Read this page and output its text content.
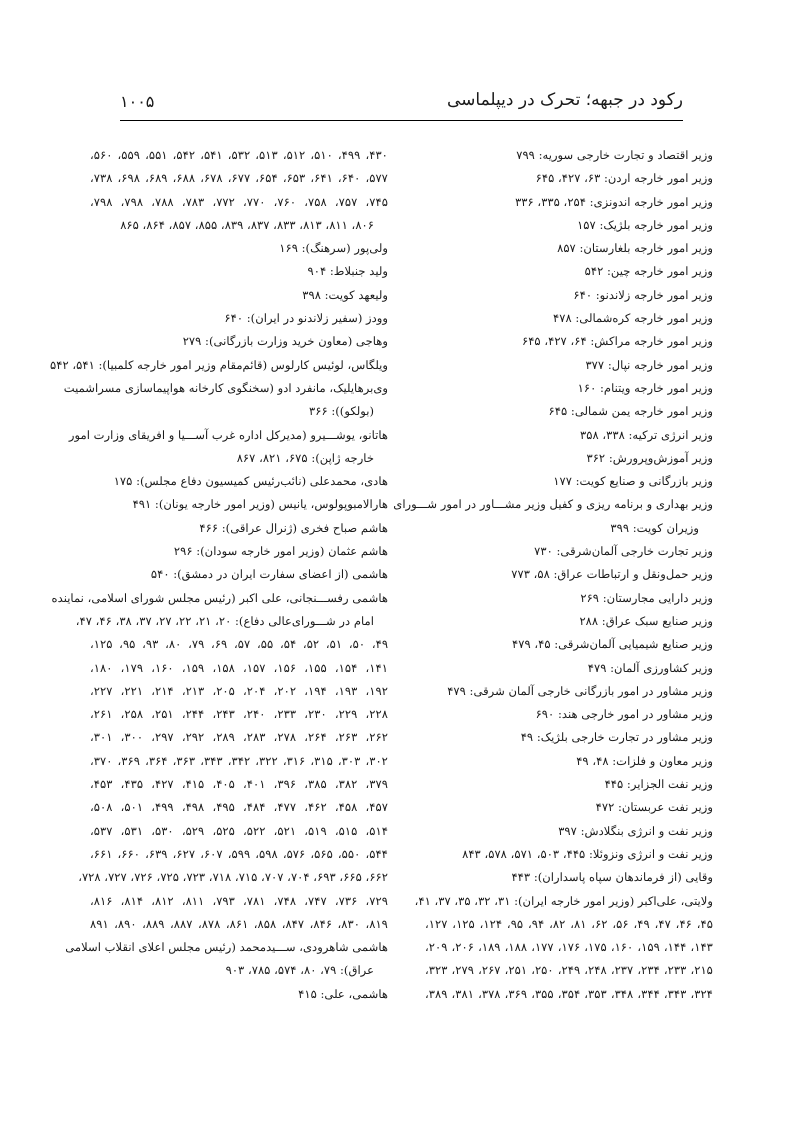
رکود در جبهه؛ تحرک در دیپلماسی
۱۰۰۵
وزیر اقتصاد و تجارت خارجی سوریه: ۷۹۹
وزیر امور خارجه اردن: ۶۳، ۴۲۷، ۶۴۵
وزیر امور خارجه اندونزی: ۲۵۴، ۳۳۵، ۳۳۶
وزیر امور خارجه بلژیک: ۱۵۷
وزیر امور خارجه بلغارستان: ۸۵۷
وزیر امور خارجه چین: ۵۴۲
وزیر امور خارجه زلاندنو: ۶۴۰
وزیر امور خارجه کره‌شمالی: ۴۷۸
وزیر امور خارجه مراکش: ۶۴، ۴۲۷، ۶۴۵
وزیر امور خارجه نپال: ۳۷۷
وزیر امور خارجه ویتنام: ۱۶۰
وزیر امور خارجه یمن شمالی: ۶۴۵
وزیر انرژی ترکیه: ۳۳۸، ۳۵۸
وزیر آموزش‌وپرورش: ۳۶۲
وزیر بازرگانی و صنایع کویت: ۱۷۷
وزیر بهداری و برنامه ریزی و کفیل وزیر مشـــاور در امور شـــورای
وزیران کویت: ۳۹۹
وزیر تجارت خارجی آلمان‌شرقی: ۷۳۰
وزیر حمل‌ونقل و ارتباطات عراق: ۵۸، ۷۷۳
وزیر دارایی مجارستان: ۲۶۹
وزیر صنایع سبک عراق: ۲۸۸
وزیر صنایع شیمیایی آلمان‌شرقی: ۴۵، ۴۷۹
وزیر کشاورزی آلمان: ۴۷۹
وزیر مشاور در امور بازرگانی خارجی آلمان شرقی: ۴۷۹
وزیر مشاور در امور خارجی هند: ۶۹۰
وزیر مشاور در تجارت خارجی بلژیک: ۴۹
وزیر معاون و فلزات: ۴۸، ۴۹
وزیر نفت الجزایر: ۴۴۵
وزیر نفت عربستان: ۴۷۲
وزیر نفت و انرژی بنگلادش: ۳۹۷
وزیر نفت و انرژی ونزوئلا: ۴۴۵، ۵۰۳، ۵۷۱، ۵۷۸، ۸۴۳
وقایی (از فرماندهان سپاه پاسداران): ۴۴۳
ولایتی، علی‌اکبر (وزیر امور خارجه ایران): ۳۱، ۳۲، ۳۵، ۳۷، ۴۱،
۴۵، ۴۶، ۴۷، ۴۹، ۵۶، ۶۲، ۸۱، ۸۲، ۹۴، ۹۵، ۱۲۴، ۱۲۵، ۱۲۷،
۱۴۳، ۱۴۴، ۱۵۹، ۱۶۰، ۱۷۵، ۱۷۶، ۱۷۷، ۱۸۸، ۱۸۹، ۲۰۶، ۲۰۹،
۲۱۵، ۲۳۳، ۲۳۴، ۲۳۷، ۲۴۸، ۲۴۹، ۲۵۰، ۲۵۱، ۲۶۷، ۲۷۹، ۳۲۳،
۳۲۴، ۳۴۳، ۳۴۴، ۳۴۸، ۳۵۳، ۳۵۴، ۳۵۵، ۳۶۹، ۳۷۸، ۳۸۱، ۳۸۹،
۴۳۰، ۴۹۹، ۵۱۰، ۵۱۲، ۵۱۳، ۵۳۲، ۵۴۱، ۵۴۲، ۵۵۱، ۵۵۹، ۵۶۰،
۵۷۷، ۶۴۰، ۶۴۱، ۶۵۳، ۶۵۴، ۶۷۷، ۶۷۸، ۶۸۸، ۶۸۹، ۶۹۸، ۷۳۸،
۷۴۵، ۷۵۷، ۷۵۸، ۷۶۰، ۷۷۰، ۷۷۲، ۷۸۳، ۷۸۸، ۷۹۸، ۷۹۸،
۸۰۶، ۸۱۱، ۸۱۳، ۸۳۳، ۸۳۷، ۸۳۹، ۸۵۵، ۸۵۷، ۸۶۴، ۸۶۵
ولی‌پور (سرهنگ): ۱۶۹
ولید جنبلاط: ۹۰۴
ولیعهد کویت: ۳۹۸
وودز (سفیر زلاندنو در ایران): ۶۴۰
وهاجی (معاون خرید وزارت بازرگانی): ۲۷۹
ویلگاس، لوئیس کارلوس (قائم‌مقام وزیر امور خارجه کلمبیا): ۵۴۱، ۵۴۲
وی‌برهایلیک، مانفرد ادو (سخنگوی کارخانه هواپیماسازی مسراشمیت
(بولکو)): ۳۶۶
هاتانو، یوشـــیرو (مدیرکل اداره غرب آســـیا و افریقای وزارت امور
خارجه ژاپن): ۶۷۵، ۸۲۱، ۸۶۷
هادی، محمدعلی (نائب‌رئیس کمیسیون دفاع مجلس): ۱۷۵
هارالامبوپولوس، یانیس (وزیر امور خارجه یونان): ۴۹۱
هاشم صباح فخری (ژنرال عراقی): ۴۶۶
هاشم عثمان (وزیر امور خارجه سودان): ۲۹۶
هاشمی (از اعضای سفارت ایران در دمشق): ۵۴۰
هاشمی رفســـنجانی، علی اکبر (رئیس مجلس شورای اسلامی، نماینده
امام در شـــورای‌عالی دفاع): ۲۰، ۲۱، ۲۲، ۲۷، ۳۷، ۳۸، ۴۶، ۴۷،
۴۹، ۵۰، ۵۱، ۵۲، ۵۴، ۵۵، ۵۷، ۶۹، ۷۹، ۸۰، ۹۳، ۹۵، ۱۲۵،
۱۴۱، ۱۵۴، ۱۵۵، ۱۵۶، ۱۵۷، ۱۵۸، ۱۵۹، ۱۶۰، ۱۷۹، ۱۸۰،
۱۹۲، ۱۹۳، ۱۹۴، ۲۰۲، ۲۰۴، ۲۰۵، ۲۱۳، ۲۱۴، ۲۲۱، ۲۲۷،
۲۲۸، ۲۲۹، ۲۳۰، ۲۳۳، ۲۴۰، ۲۴۳، ۲۴۴، ۲۵۱، ۲۵۸، ۲۶۱،
۲۶۲، ۲۶۳، ۲۶۴، ۲۷۸، ۲۸۳، ۲۸۹، ۲۹۲، ۲۹۷، ۳۰۰، ۳۰۱،
۳۰۲، ۳۰۳، ۳۱۵، ۳۱۶، ۳۲۲، ۳۴۲، ۳۴۳، ۳۶۳، ۳۶۴، ۳۶۹، ۳۷۰،
۳۷۹، ۳۸۲، ۳۸۵، ۳۹۶، ۴۰۱، ۴۰۵، ۴۱۵، ۴۲۷، ۴۳۵، ۴۵۳،
۴۵۷، ۴۵۸، ۴۶۲، ۴۷۷، ۴۸۴، ۴۹۵، ۴۹۸، ۴۹۹، ۵۰۱، ۵۰۸،
۵۱۴، ۵۱۵، ۵۱۹، ۵۲۱، ۵۲۲، ۵۲۵، ۵۲۹، ۵۳۰، ۵۳۱، ۵۳۷،
۵۴۴، ۵۵۰، ۵۶۵، ۵۷۶، ۵۹۸، ۵۹۹، ۶۰۷، ۶۲۷، ۶۳۹، ۶۶۰، ۶۶۱،
۶۶۲، ۶۶۵، ۶۹۳، ۷۰۴، ۷۰۷، ۷۱۵، ۷۱۸، ۷۲۳، ۷۲۵، ۷۲۶، ۷۲۷، ۷۲۸،
۷۲۹، ۷۳۶، ۷۴۷، ۷۴۸، ۷۸۱، ۷۹۳، ۸۱۱، ۸۱۲، ۸۱۴، ۸۱۶،
۸۱۹، ۸۳۰، ۸۴۶، ۸۴۷، ۸۵۸، ۸۶۱، ۸۷۸، ۸۸۷، ۸۸۹، ۸۹۰، ۸۹۱
هاشمی شاهرودی، ســـیدمحمد (رئیس مجلس اعلای انقلاب اسلامی
عراق): ۷۹، ۸۰، ۵۷۴، ۷۸۵، ۹۰۳
هاشمی، علی: ۴۱۵
